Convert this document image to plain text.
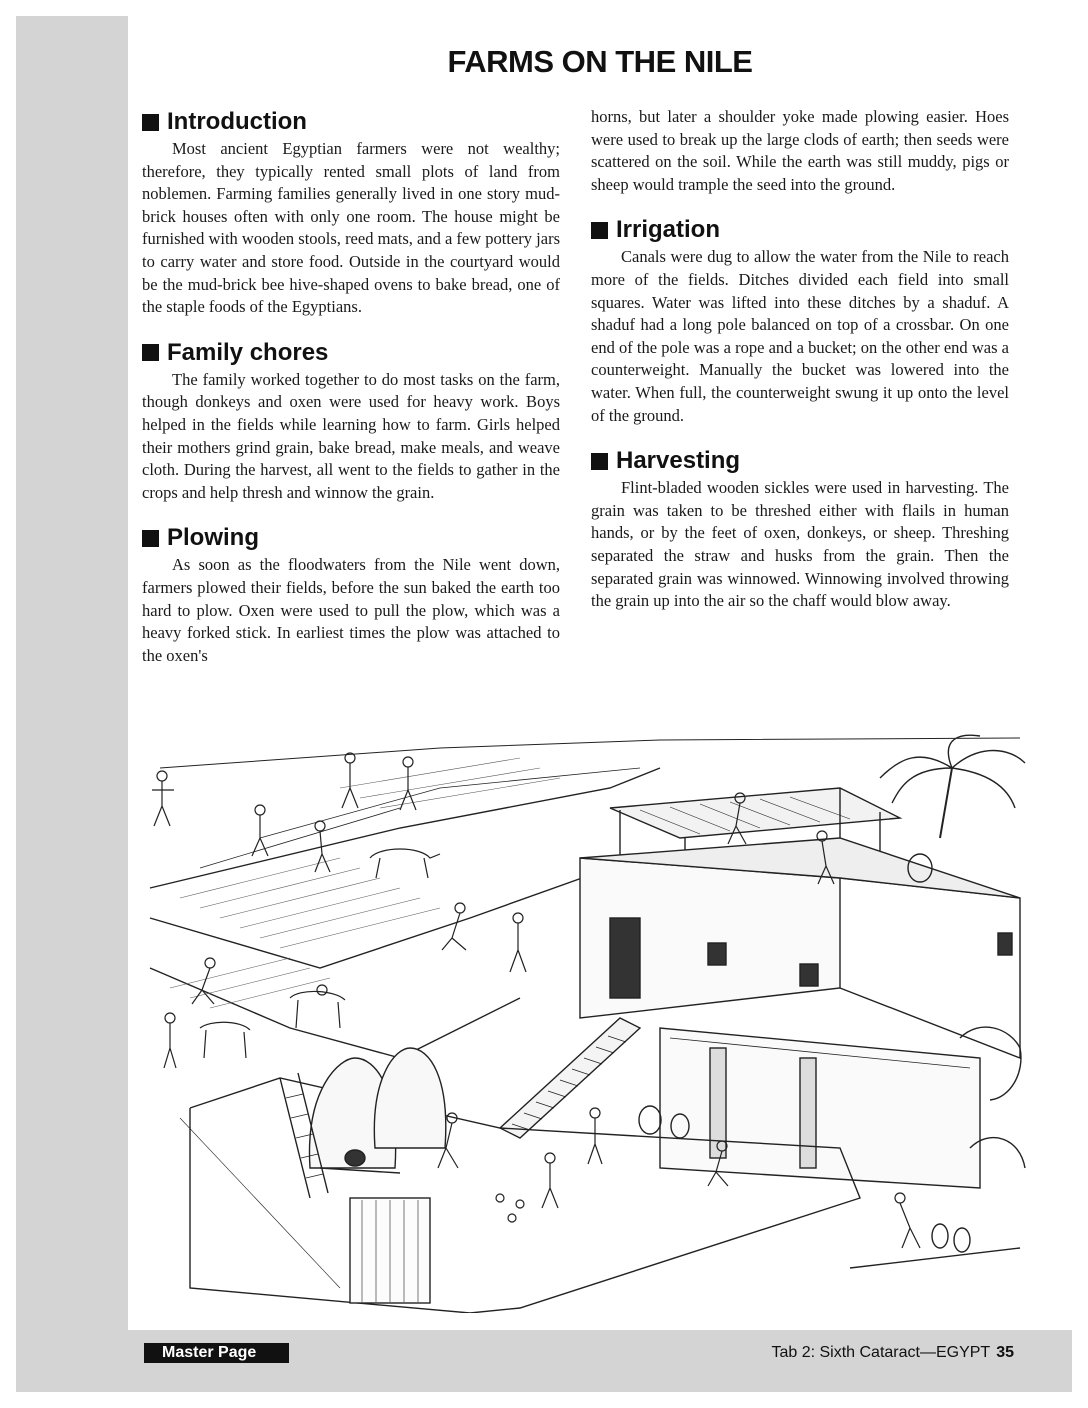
FARMS ON THE NILE
Introduction

Most ancient Egyptian farmers were not wealthy; therefore, they typically rented small plots of land from noblemen. Farming families generally lived in one story mud-brick houses often with only one room. The house might be furnished with wooden stools, reed mats, and a few pottery jars to carry water and store food. Outside in the courtyard would be the mud-brick bee hive-shaped ovens to bake bread, one of the staple foods of the Egyptians.

Family chores

The family worked together to do most tasks on the farm, though donkeys and oxen were used for heavy work. Boys helped in the fields while learning how to farm. Girls helped their mothers grind grain, bake bread, make meals, and weave cloth. During the harvest, all went to the fields to gather in the crops and help thresh and winnow the grain.

Plowing

As soon as the floodwaters from the Nile went down, farmers plowed their fields, before the sun baked the earth too hard to plow. Oxen were used to pull the plow, which was a heavy forked stick. In earliest times the plow was attached to the oxen's

horns, but later a shoulder yoke made plowing easier. Hoes were used to break up the large clods of earth; then seeds were scattered on the soil. While the earth was still muddy, pigs or sheep would trample the seed into the ground.

Irrigation

Canals were dug to allow the water from the Nile to reach more of the fields. Ditches divided each field into small squares. Water was lifted into these ditches by a shaduf. A shaduf had a long pole balanced on top of a crossbar. On one end of the pole was a rope and a bucket; on the other end was a counterweight. Manually the bucket was lowered into the water. When full, the counterweight swung it up onto the level of the ground.

Harvesting

Flint-bladed wooden sickles were used in harvesting. The grain was taken to be threshed either with flails in human hands, or by the feet of oxen, donkeys, or sheep. Threshing separated the straw and husks from the grain. Then the separated grain was winnowed. Winnowing involved throwing the grain up into the air so the chaff would blow away.

Master Page	Tab 2: Sixth Cataract—EGYPT 35
